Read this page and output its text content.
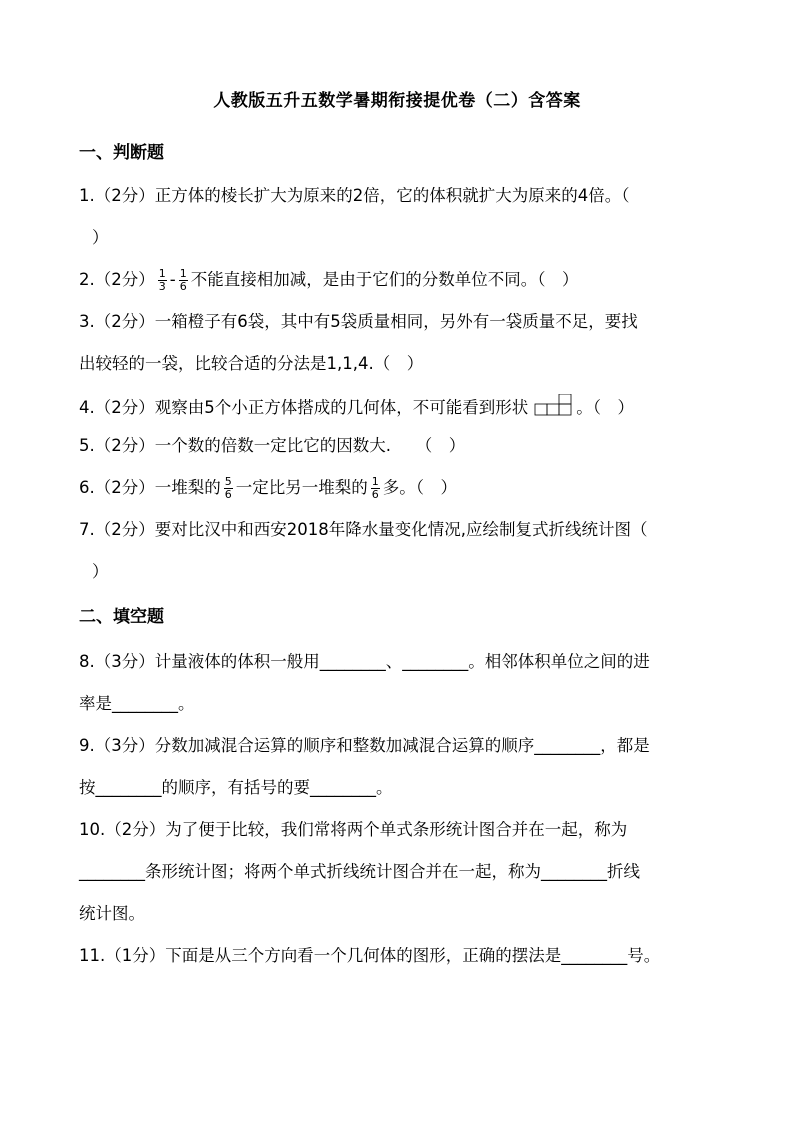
人教版五升五数学暑期衔接提优卷（二）含答案
一、判断题
1.（2分）正方体的棱长扩大为原来的2倍，它的体积就扩大为原来的4倍。（
）
2.（2分） $\frac{1}{3} - \frac{1}{6}$ 不能直接相加减，是由于它们的分数单位不同。（　）
3.（2分）一箱橙子有6袋，其中有5袋质量相同，另外有一袋质量不足，要找
出较轻的一袋，比较合适的分法是1,1,4.（　）
4.（2分）观察由5个小正方体搭成的几何体，不可能看到形状	。（　）
5.（2分）一个数的倍数一定比它的因数大.　　（　）
6.（2分）一堆梨的 $\frac{5}{6}$ 一定比另一堆梨的 $\frac{1}{6}$ 多。（　）
7.（2分）要对比汉中和西安2018年降水量变化情况,应绘制复式折线统计图（
）
二、填空题
8.（3分）计量液体的体积一般用________、________。相邻体积单位之间的进
率是________。
9.（3分）分数加减混合运算的顺序和整数加减混合运算的顺序________，都是
按________的顺序，有括号的要________。
10.（2分）为了便于比较，我们常将两个单式条形统计图合并在一起，称为
________条形统计图；将两个单式折线统计图合并在一起，称为________折线
统计图。
11.（1分）下面是从三个方向看一个几何体的图形，正确的摆法是________号。
